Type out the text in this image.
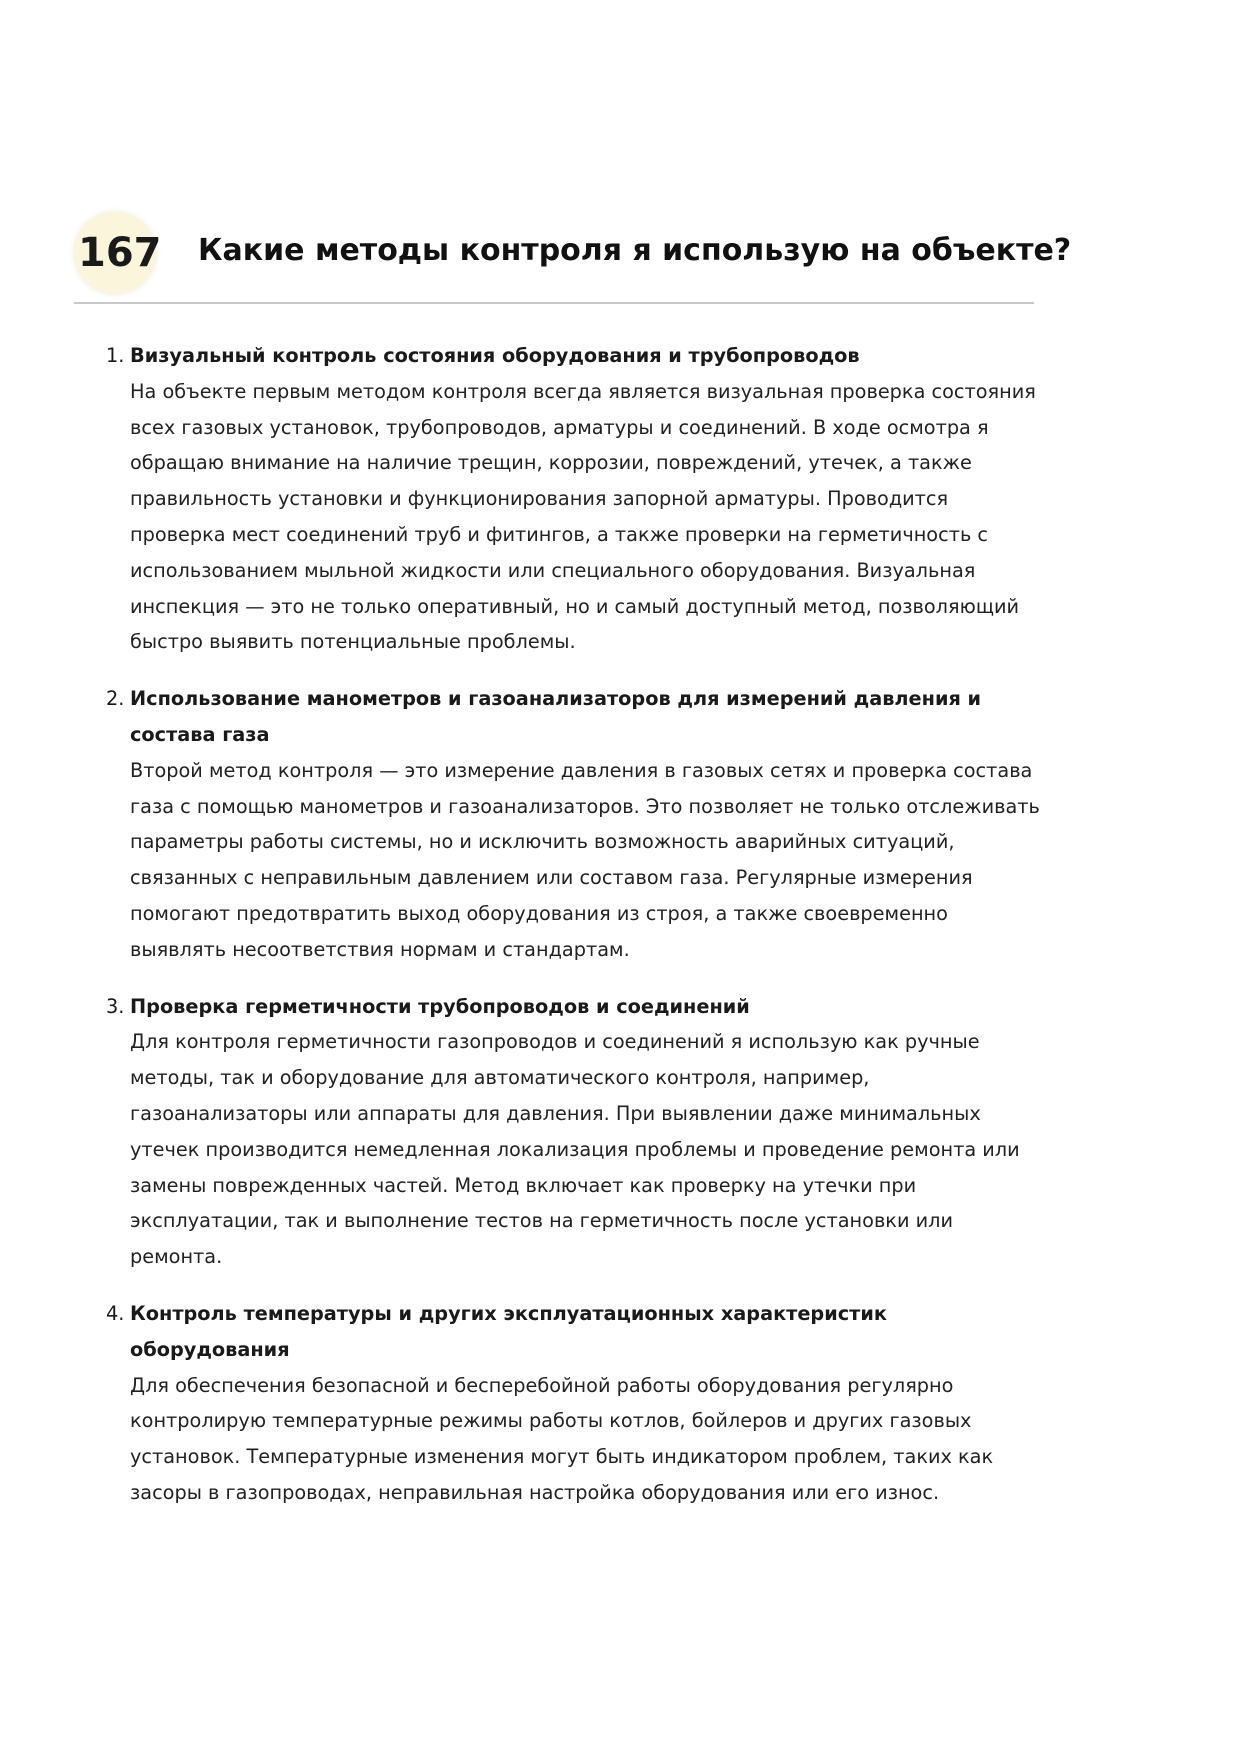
167 Какие методы контроля я использую на объекте?
1. Визуальный контроль состояния оборудования и трубопроводов

На объекте первым методом контроля всегда является визуальная проверка состояния всех газовых установок, трубопроводов, арматуры и соединений. В ходе осмотра я обращаю внимание на наличие трещин, коррозии, повреждений, утечек, а также правильность установки и функционирования запорной арматуры. Проводится проверка мест соединений труб и фитингов, а также проверки на герметичность с использованием мыльной жидкости или специального оборудования. Визуальная инспекция — это не только оперативный, но и самый доступный метод, позволяющий быстро выявить потенциальные проблемы.

2. Использование манометров и газоанализаторов для измерений давления и состава газа

Второй метод контроля — это измерение давления в газовых сетях и проверка состава газа с помощью манометров и газоанализаторов. Это позволяет не только отслеживать параметры работы системы, но и исключить возможность аварийных ситуаций, связанных с неправильным давлением или составом газа. Регулярные измерения помогают предотвратить выход оборудования из строя, а также своевременно выявлять несоответствия нормам и стандартам.

3. Проверка герметичности трубопроводов и соединений

Для контроля герметичности газопроводов и соединений я использую как ручные методы, так и оборудование для автоматического контроля, например, газоанализаторы или аппараты для давления. При выявлении даже минимальных утечек производится немедленная локализация проблемы и проведение ремонта или замены поврежденных частей. Метод включает как проверку на утечки при эксплуатации, так и выполнение тестов на герметичность после установки или ремонта.

4. Контроль температуры и других эксплуатационных характеристик оборудования

Для обеспечения безопасной и бесперебойной работы оборудования регулярно контролирую температурные режимы работы котлов, бойлеров и других газовых установок. Температурные изменения могут быть индикатором проблем, таких как засоры в газопроводах, неправильная настройка оборудования или его износ.
